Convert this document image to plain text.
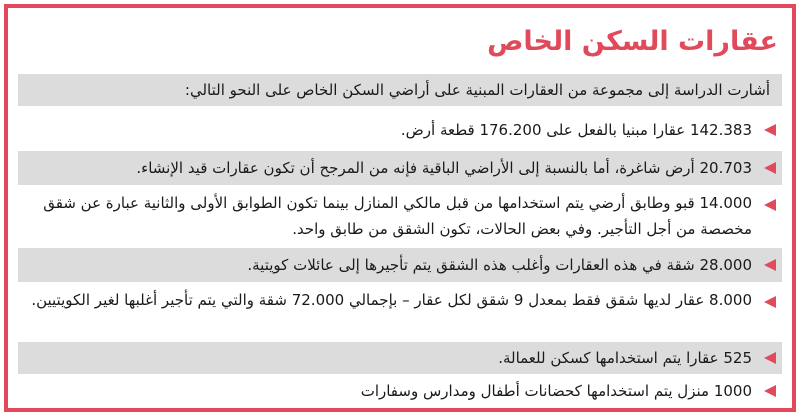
عقارات السكن الخاص
أشارت الدراسة إلى مجموعة من العقارات المبنية على أراضي السكن الخاص على النحو التالي:
142.383 عقارا مبنيا بالفعل على 176.200 قطعة أرض.
20.703 أرض شاغرة، أما بالنسبة إلى الأراضي الباقية فإنه من المرجح أن تكون عقارات قيد الإنشاء.
14.000 قبو وطابق أرضي يتم استخدامها من قبل مالكي المنازل بينما تكون الطوابق الأولى والثانية عبارة عن شقق مخصصة من أجل التأجير. وفي بعض الحالات، تكون الشقق من طابق واحد.
28.000 شقة في هذه العقارات وأغلب هذه الشقق يتم تأجيرها إلى عائلات كويتية.
8.000 عقار لديها شقق فقط بمعدل 9 شقق لكل عقار – بإجمالي 72.000 شقة والتي يتم تأجير أغلبها لغير الكويتيين.
525 عقارا يتم استخدامها كسكن للعمالة.
1000 منزل يتم استخدامها كحضانات أطفال ومدارس وسفارات
